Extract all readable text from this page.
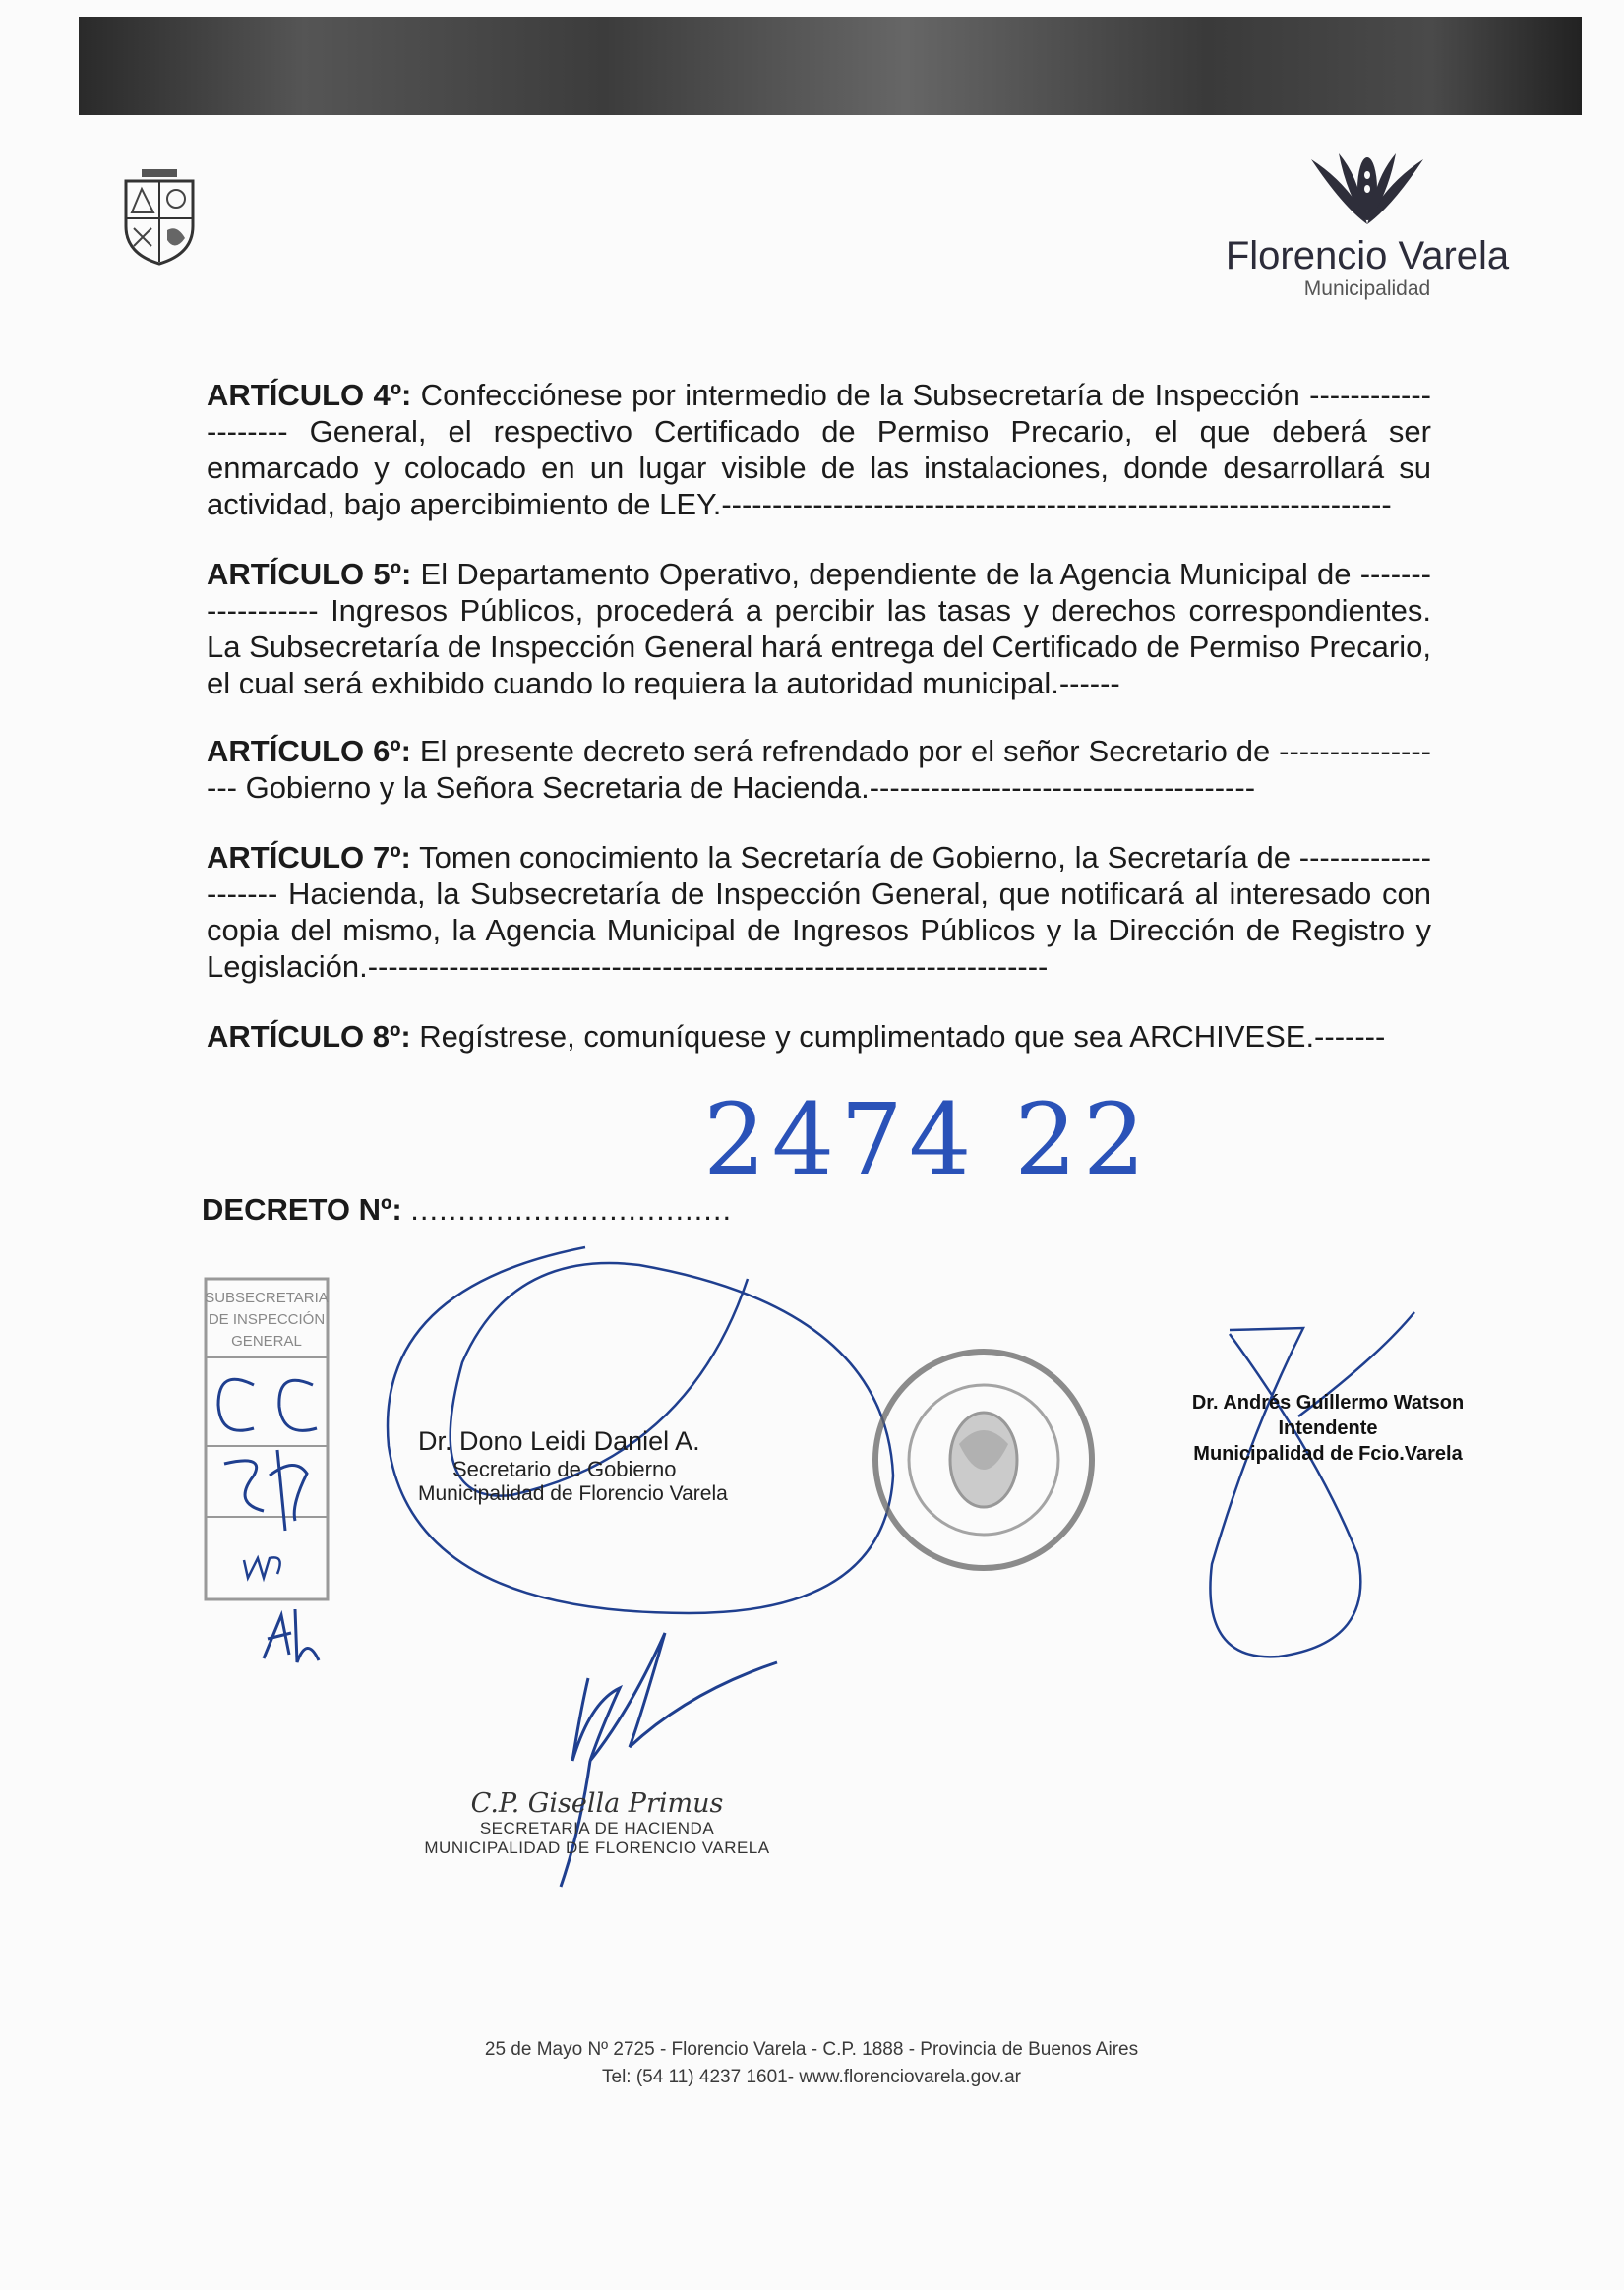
Florencio Varela
Municipalidad
ARTÍCULO 4º: Confecciónese por intermedio de la Subsecretaría de Inspección -------------------- General, el respectivo Certificado de Permiso Precario, el que deberá ser enmarcado y colocado en un lugar visible de las instalaciones, donde desarrollará su actividad, bajo apercibimiento de LEY.------------------------------------------------------------------
ARTÍCULO 5º: El Departamento Operativo, dependiente de la Agencia Municipal de ------------------ Ingresos Públicos, procederá a percibir las tasas y derechos correspondientes. La Subsecretaría de Inspección General hará entrega del Certificado de Permiso Precario, el cual será exhibido cuando lo requiera la autoridad municipal.------
ARTÍCULO 6º: El presente decreto será refrendado por el señor Secretario de ------------------ Gobierno y la Señora Secretaria de Hacienda.--------------------------------------
ARTÍCULO 7º: Tomen conocimiento la Secretaría de Gobierno, la Secretaría de -------------------- Hacienda, la Subsecretaría de Inspección General, que notificará al interesado con copia del mismo, la Agencia Municipal de Ingresos Públicos y la Dirección de Registro y Legislación.-------------------------------------------------------------------
ARTÍCULO 8º: Regístrese, comuníquese y cumplimentado que sea ARCHIVESE.-------
2474 22
DECRETO Nº: ..................................
SUBSECRETARIA
DE INSPECCIÓN
GENERAL
Dr. Dono Leidi Daniel A.
Secretario de Gobierno
Municipalidad de Florencio Varela
Dr. Andrés Guillermo Watson
Intendente
Municipalidad de Fcio.Varela
C.P. Gisella Primus
SECRETARIA DE HACIENDA
MUNICIPALIDAD DE FLORENCIO VARELA
25 de Mayo Nº 2725 - Florencio Varela - C.P. 1888 - Provincia de Buenos Aires
Tel: (54 11) 4237 1601- www.florenciovarela.gov.ar
